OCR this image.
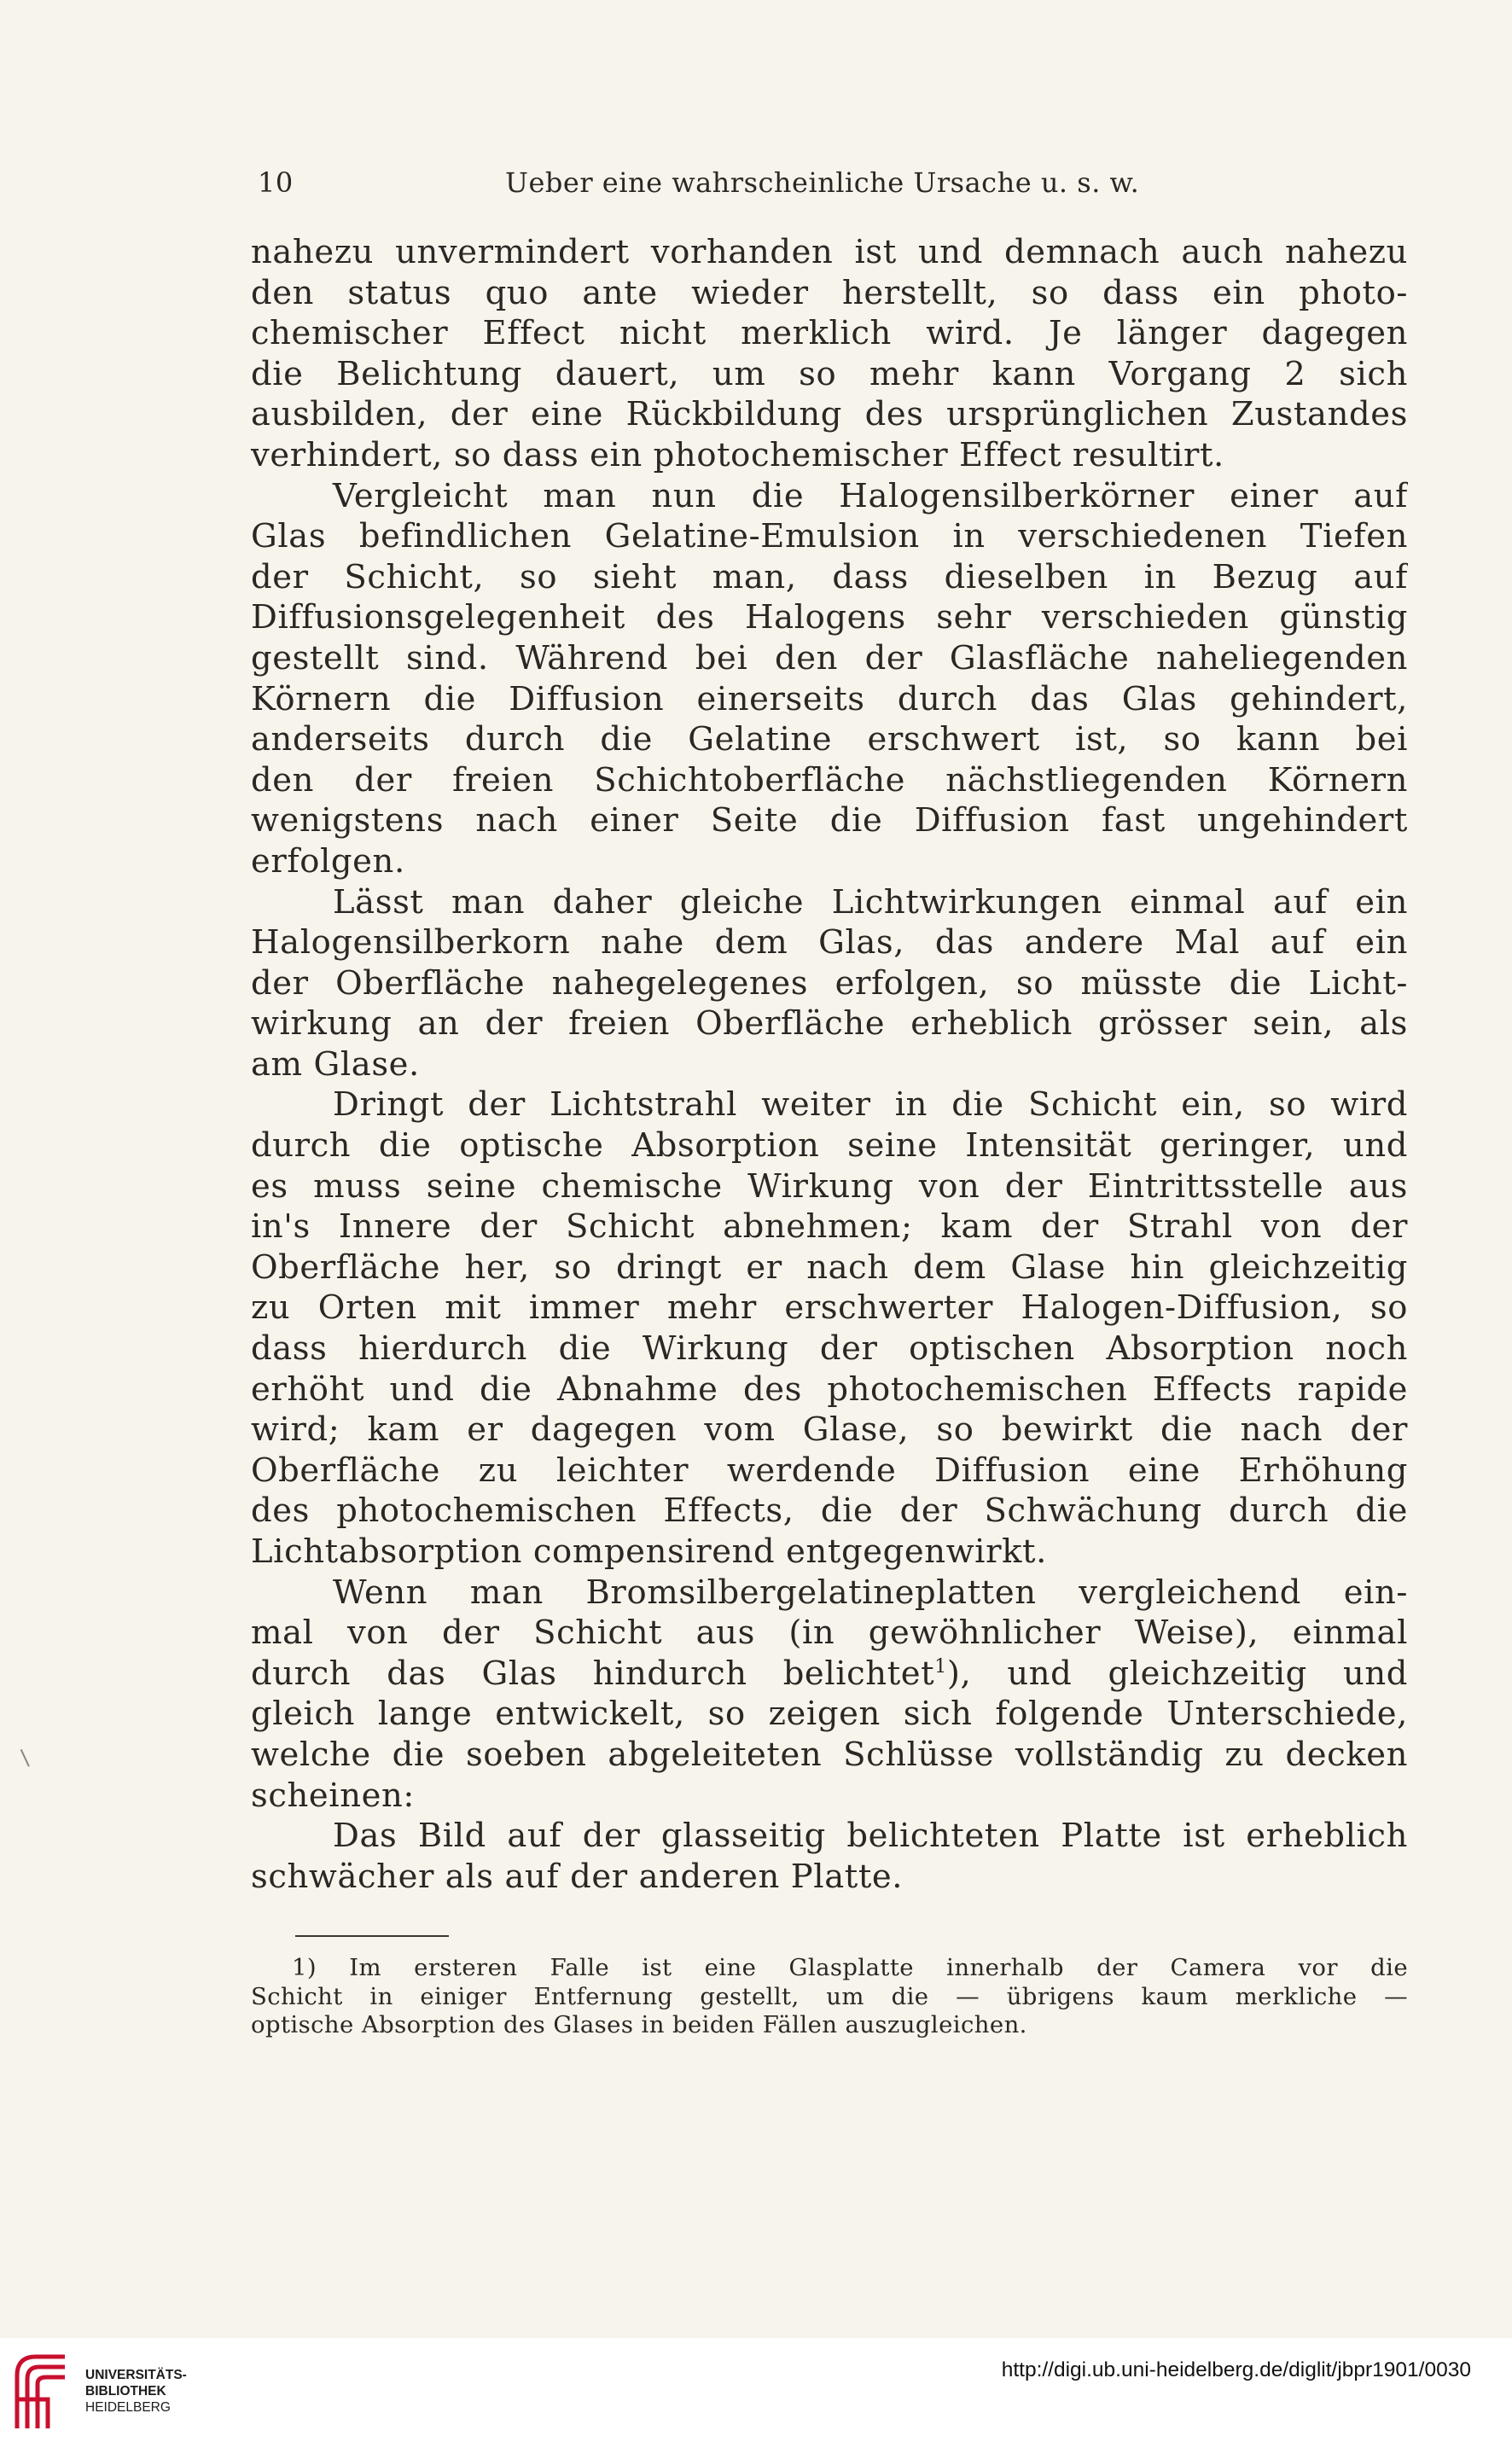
10	Ueber eine wahrscheinliche Ursache u. s. w.
nahezu unvermindert vorhanden ist und demnach auch nahezu
den status quo ante wieder herstellt, so dass ein photo-
chemischer Effect nicht merklich wird. Je länger dagegen
die Belichtung dauert, um so mehr kann Vorgang 2 sich
ausbilden, der eine Rückbildung des ursprünglichen Zustandes
verhindert, so dass ein photochemischer Effect resultirt.
Vergleicht man nun die Halogensilberkörner einer auf
Glas befindlichen Gelatine-Emulsion in verschiedenen Tiefen
der Schicht, so sieht man, dass dieselben in Bezug auf
Diffusionsgelegenheit des Halogens sehr verschieden günstig
gestellt sind. Während bei den der Glasfläche naheliegenden
Körnern die Diffusion einerseits durch das Glas gehindert,
anderseits durch die Gelatine erschwert ist, so kann bei
den der freien Schichtoberfläche nächstliegenden Körnern
wenigstens nach einer Seite die Diffusion fast ungehindert
erfolgen.
Lässt man daher gleiche Lichtwirkungen einmal auf ein
Halogensilberkorn nahe dem Glas, das andere Mal auf ein
der Oberfläche nahegelegenes erfolgen, so müsste die Licht-
wirkung an der freien Oberfläche erheblich grösser sein, als
am Glase.
Dringt der Lichtstrahl weiter in die Schicht ein, so wird
durch die optische Absorption seine Intensität geringer, und
es muss seine chemische Wirkung von der Eintrittsstelle aus
in's Innere der Schicht abnehmen; kam der Strahl von der
Oberfläche her, so dringt er nach dem Glase hin gleichzeitig
zu Orten mit immer mehr erschwerter Halogen-Diffusion, so
dass hierdurch die Wirkung der optischen Absorption noch
erhöht und die Abnahme des photochemischen Effects rapide
wird; kam er dagegen vom Glase, so bewirkt die nach der
Oberfläche zu leichter werdende Diffusion eine Erhöhung
des photochemischen Effects, die der Schwächung durch die
Lichtabsorption compensirend entgegenwirkt.
Wenn man Bromsilbergelatineplatten vergleichend ein-
mal von der Schicht aus (in gewöhnlicher Weise), einmal
durch das Glas hindurch belichtet$^1$), und gleichzeitig und
gleich lange entwickelt, so zeigen sich folgende Unterschiede,
welche die soeben abgeleiteten Schlüsse vollständig zu decken
scheinen:
Das Bild auf der glasseitig belichteten Platte ist erheblich
schwächer als auf der anderen Platte.
1) Im ersteren Falle ist eine Glasplatte innerhalb der Camera vor die
Schicht in einiger Entfernung gestellt, um die — übrigens kaum merkliche —
optische Absorption des Glases in beiden Fällen auszugleichen.
UNIVERSITÄTS-
BIBLIOTHEK
HEIDELBERG
http://digi.ub.uni-heidelberg.de/diglit/jbpr1901/0030
